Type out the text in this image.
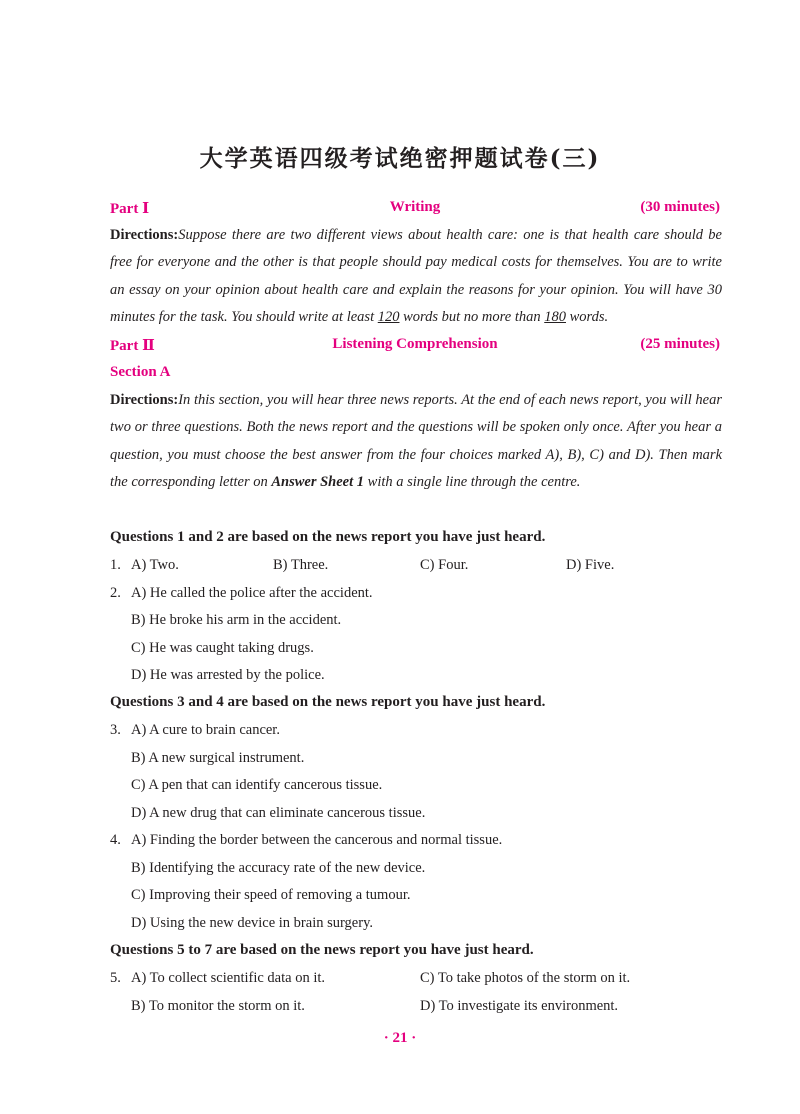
大学英语四级考试绝密押题试卷(三)
Part Ⅰ	Writing	(30 minutes)
Directions:Suppose there are two different views about health care: one is that health care should be free for everyone and the other is that people should pay medical costs for themselves. You are to write an essay on your opinion about health care and explain the reasons for your opinion. You will have 30 minutes for the task. You should write at least 120 words but no more than 180 words.
Part Ⅱ	Listening Comprehension	(25 minutes)
Section A
Directions:In this section, you will hear three news reports. At the end of each news report, you will hear two or three questions. Both the news report and the questions will be spoken only once. After you hear a question, you must choose the best answer from the four choices marked A), B), C) and D). Then mark the corresponding letter on Answer Sheet 1 with a single line through the centre.
Questions 1 and 2 are based on the news report you have just heard.
1. A) Two.	B) Three.	C) Four.	D) Five.
2. A) He called the police after the accident.
B) He broke his arm in the accident.
C) He was caught taking drugs.
D) He was arrested by the police.
Questions 3 and 4 are based on the news report you have just heard.
3. A) A cure to brain cancer.
B) A new surgical instrument.
C) A pen that can identify cancerous tissue.
D) A new drug that can eliminate cancerous tissue.
4. A) Finding the border between the cancerous and normal tissue.
B) Identifying the accuracy rate of the new device.
C) Improving their speed of removing a tumour.
D) Using the new device in brain surgery.
Questions 5 to 7 are based on the news report you have just heard.
5. A) To collect scientific data on it.	C) To take photos of the storm on it.
B) To monitor the storm on it.	D) To investigate its environment.
· 21 ·
